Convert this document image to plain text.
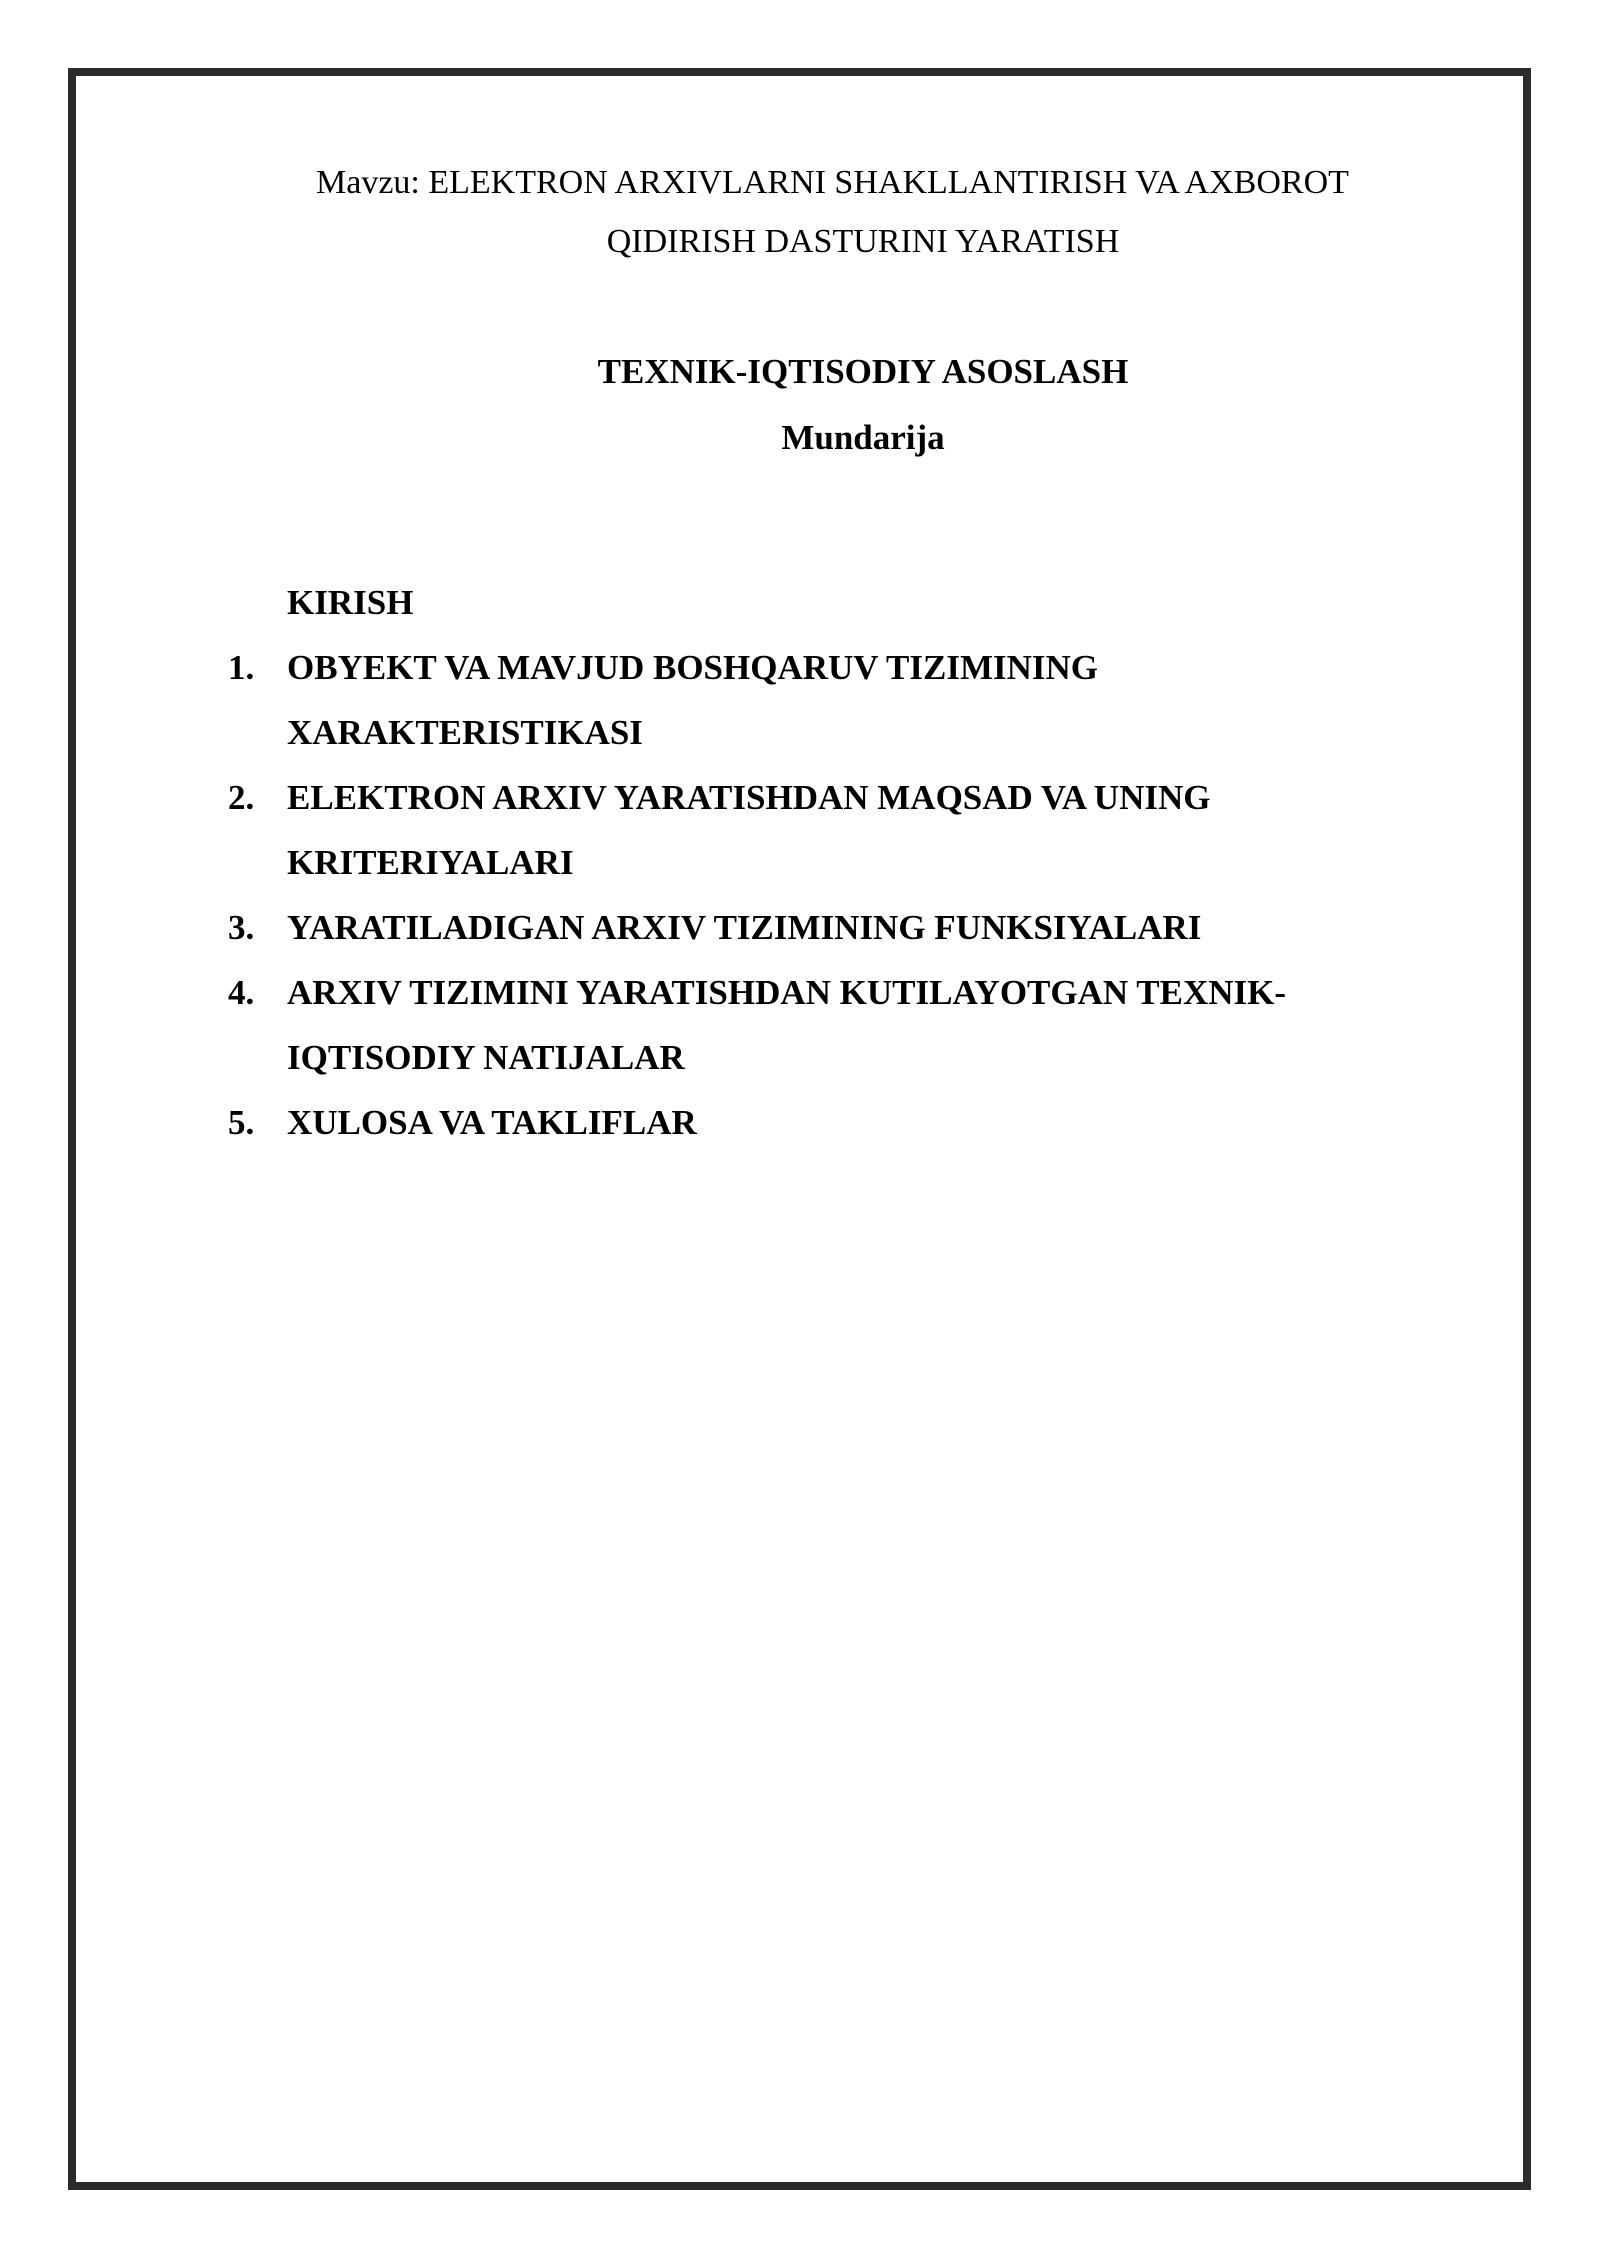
Mavzu: ELEKTRON ARXIVLARNI SHAKLLANTIRISH VA AXBOROT
QIDIRISH DASTURINI YARATISH
TEXNIK-IQTISODIY ASOSLASH
Mundarija
KIRISH
1. OBYEKT VA MAVJUD BOSHQARUV TIZIMINING
XARAKTERISTIKASI
2. ELEKTRON ARXIV YARATISHDAN MAQSAD VA UNING
KRITERIYALARI
3. YARATILADIGAN ARXIV TIZIMINING FUNKSIYALARI
4. ARXIV TIZIMINI YARATISHDAN KUTILAYOTGAN TEXNIK-
IQTISODIY NATIJALAR
5. XULOSA VA TAKLIFLAR
